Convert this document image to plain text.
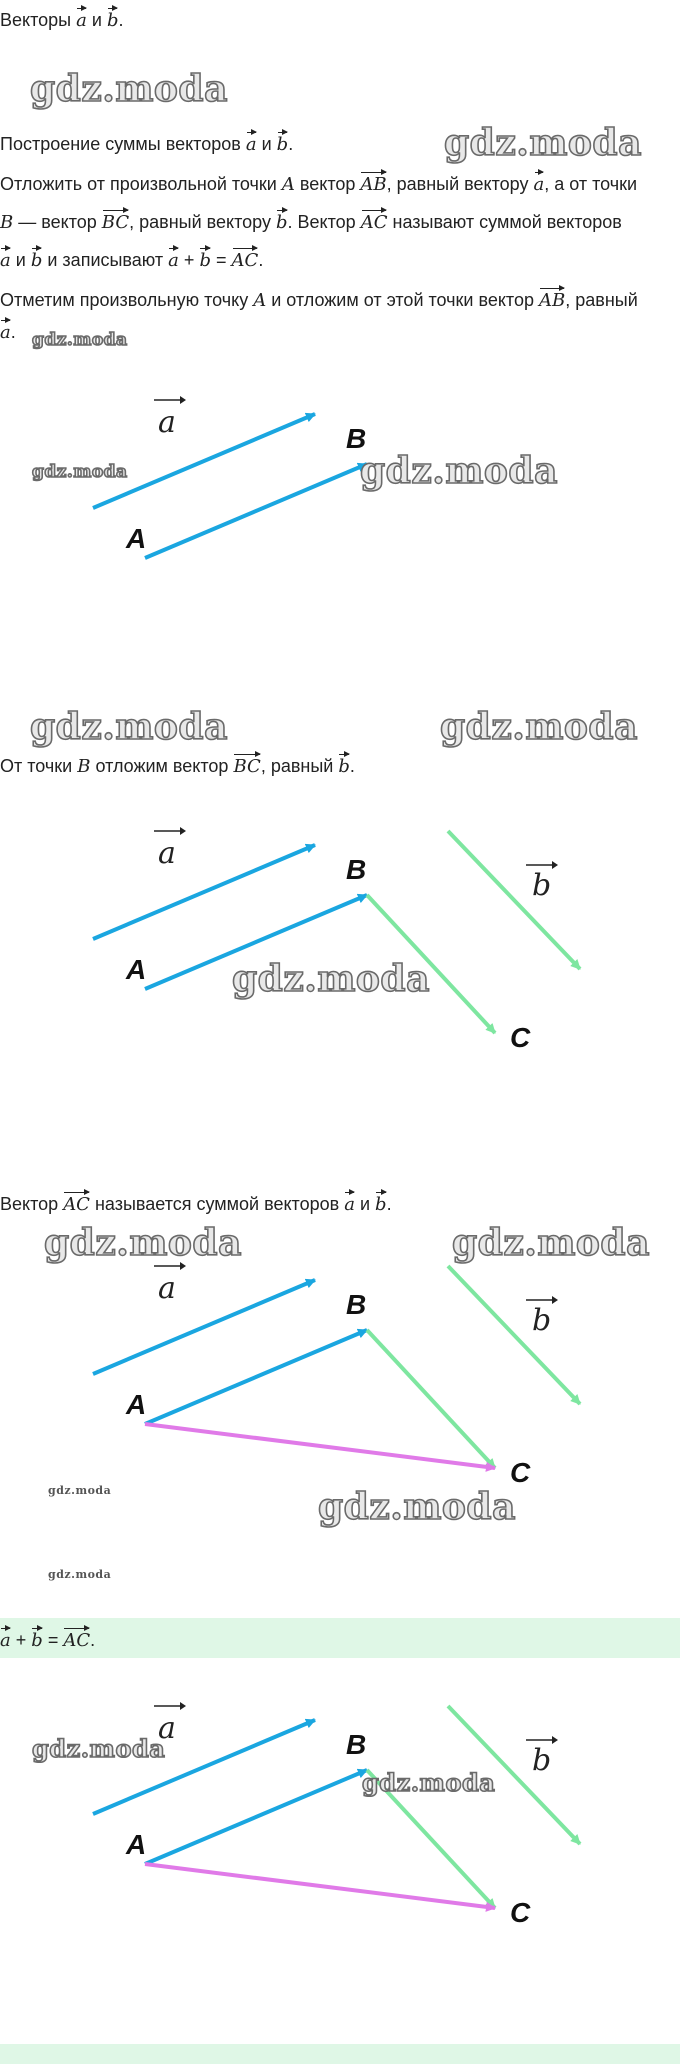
Векторы a и b.
gdz.moda
Построение суммы векторов a и b.	gdz.moda
Отложить от произвольной точки A вектор AB, равный вектору a, а от точки
B — вектор BC, равный вектору b. Вектор AC называют суммой векторов
a и b и записывают a + b = AC.
Отметим произвольную точку A и отложим от этой точки вектор AB, равный
a. gdz.moda
A
B
a
gdz.moda	gdz.moda
gdz.moda	gdz.moda
От точки B отложим вектор BC, равный b.
A
B
C
a
b
gdz.moda
Вектор AC называется суммой векторов a и b.
gdz.moda	gdz.moda
A
B
C
a
b
gdz.moda	gdz.moda
gdz.moda
a + b = AC.
A
B
C
a
b
gdz.moda
gdz.moda
